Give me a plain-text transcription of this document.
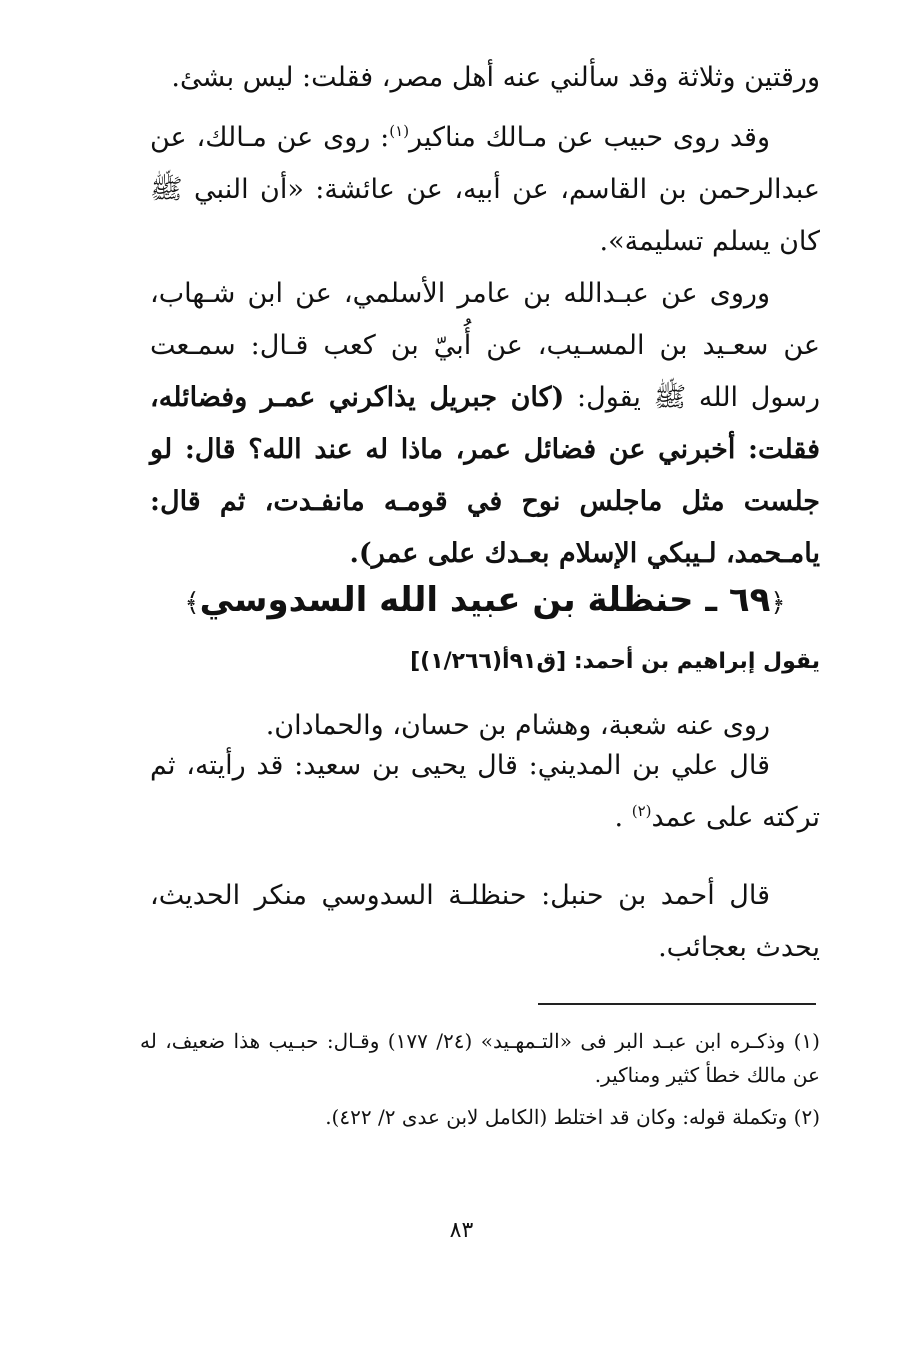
ورقتين وثلاثة وقد سألني عنه أهل مصر، فقلت: ليس بشئ.

وقد روى حبيب عن مـالك مناكير$^{(١)}$: روى عن مـالك، عن عبدالرحمن بن القاسم، عن أبيه، عن عائشة: «أن النبي ﷺ كان يسلم تسليمة».

وروى عن عبـدالله بن عامر الأسلمي، عن ابن شـهاب، عن سعـيد بن المسـيب، عن أُبيّ بن كعب قـال: سمـعت رسول الله ﷺ يقول: (كان جبريل يذاكرني عمـر وفضائله، فقلت: أخبرني عن فضائل عمر، ماذا له عند الله؟ قال: لو جلست مثل ماجلس نوح في قومـه مانفـدت، ثم قال: يامـحمد، لـيبكي الإسلام بعـدك على عمر).

﴿٦٩ ـ حنظلة بن عبيد الله السدوسي﴾
يقول إبراهيم بن أحمد: [ق٩١أ(١/٢٦٦)]

روى عنه شعبة، وهشام بن حسان، والحمادان.

قال علي بن المديني: قال يحيى بن سعيد: قد رأيته، ثم تركته على عمد$^{(٢)}$ .

قال أحمد بن حنبل: حنظلـة السدوسي منكر الحديث، يحدث بعجائب.

(١) وذكـره ابن عبـد البر فى «التـمهـيد» (٢٤/ ١٧٧) وقـال: حبـيب هذا ضعيف، له عن مالك خطأ كثير ومناكير.

(٢) وتكملة قوله: وكان قد اختلط (الكامل لابن عدى ٢/ ٤٢٢).

٨٣
